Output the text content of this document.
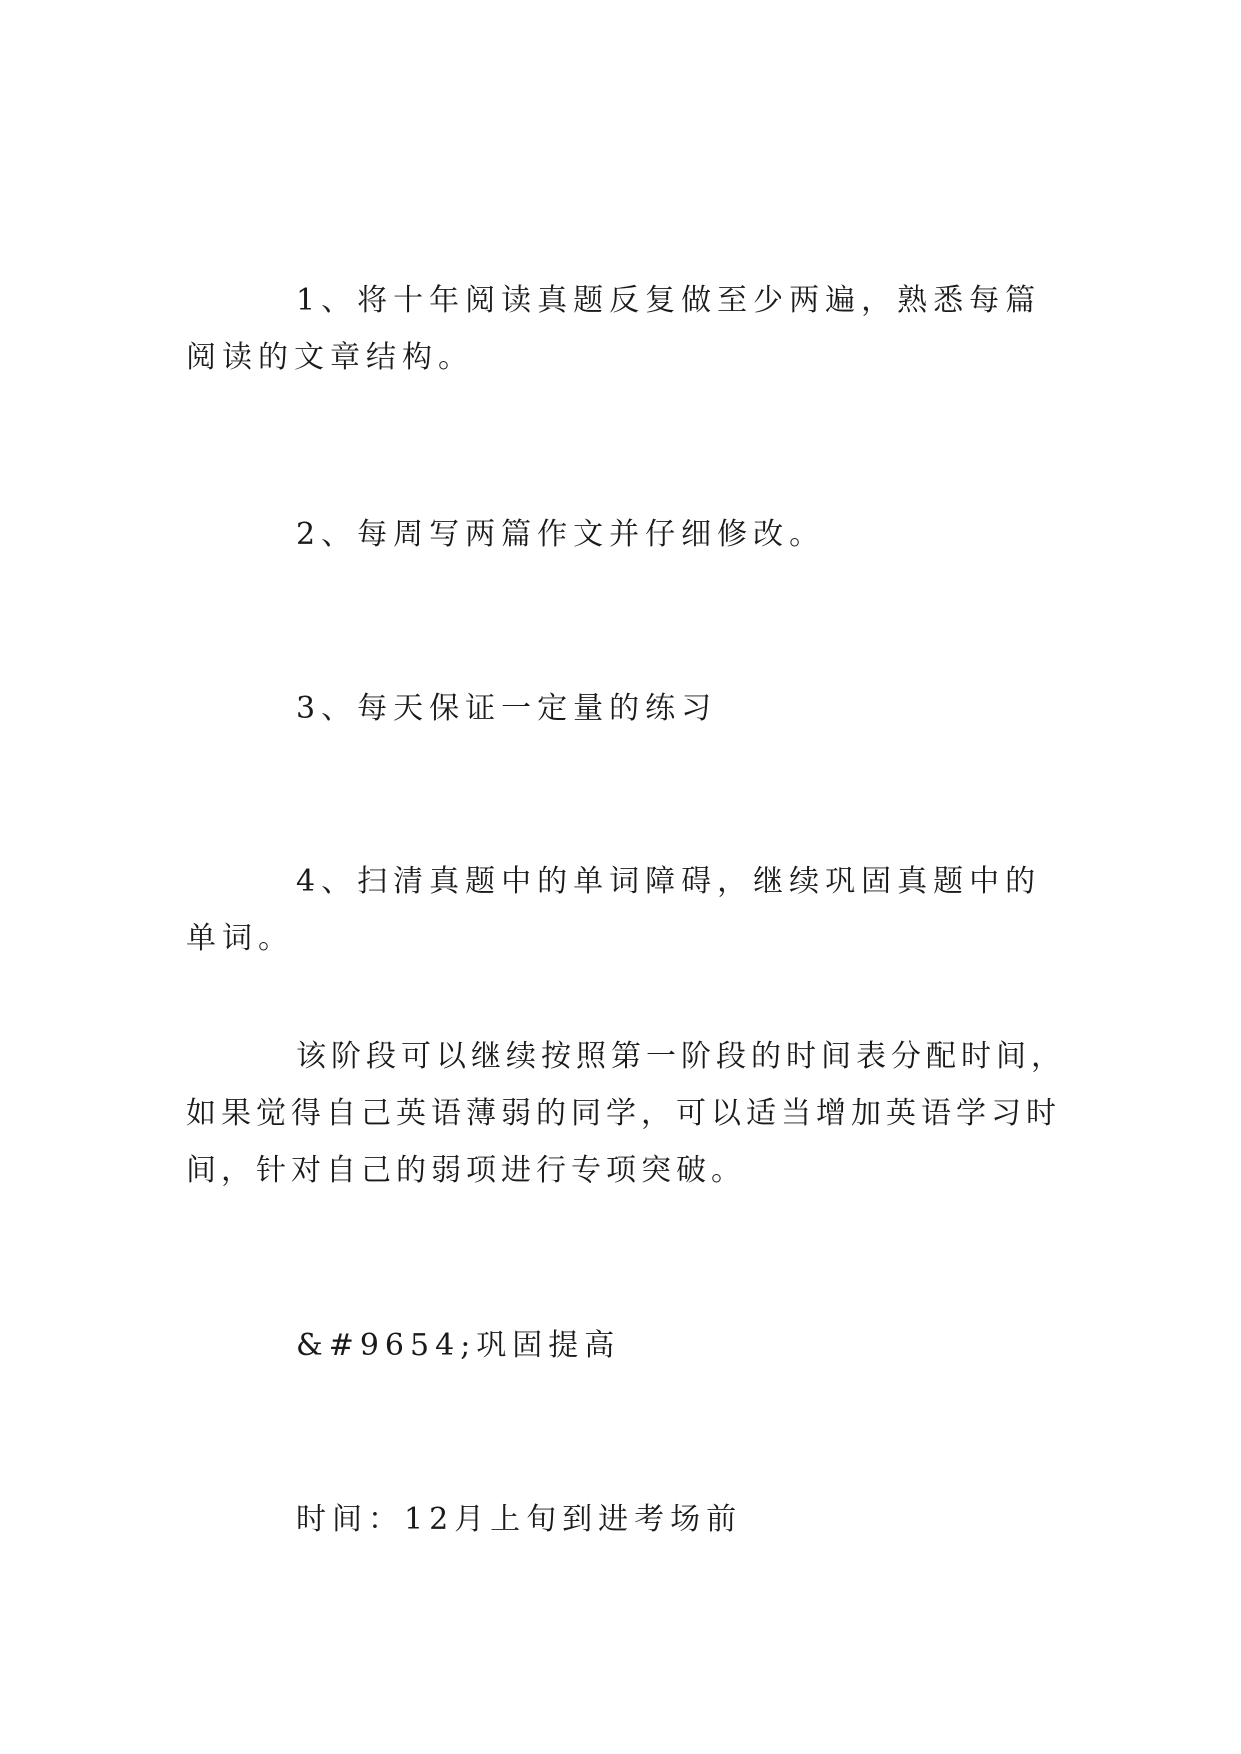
1、将十年阅读真题反复做至少两遍，熟悉每篇阅读的文章结构。

2、每周写两篇作文并仔细修改。

3、每天保证一定量的练习

4、扫清真题中的单词障碍，继续巩固真题中的单词。

该阶段可以继续按照第一阶段的时间表分配时间，如果觉得自己英语薄弱的同学，可以适当增加英语学习时间，针对自己的弱项进行专项突破。

&#9654;巩固提高

时间：12月上旬到进考场前
